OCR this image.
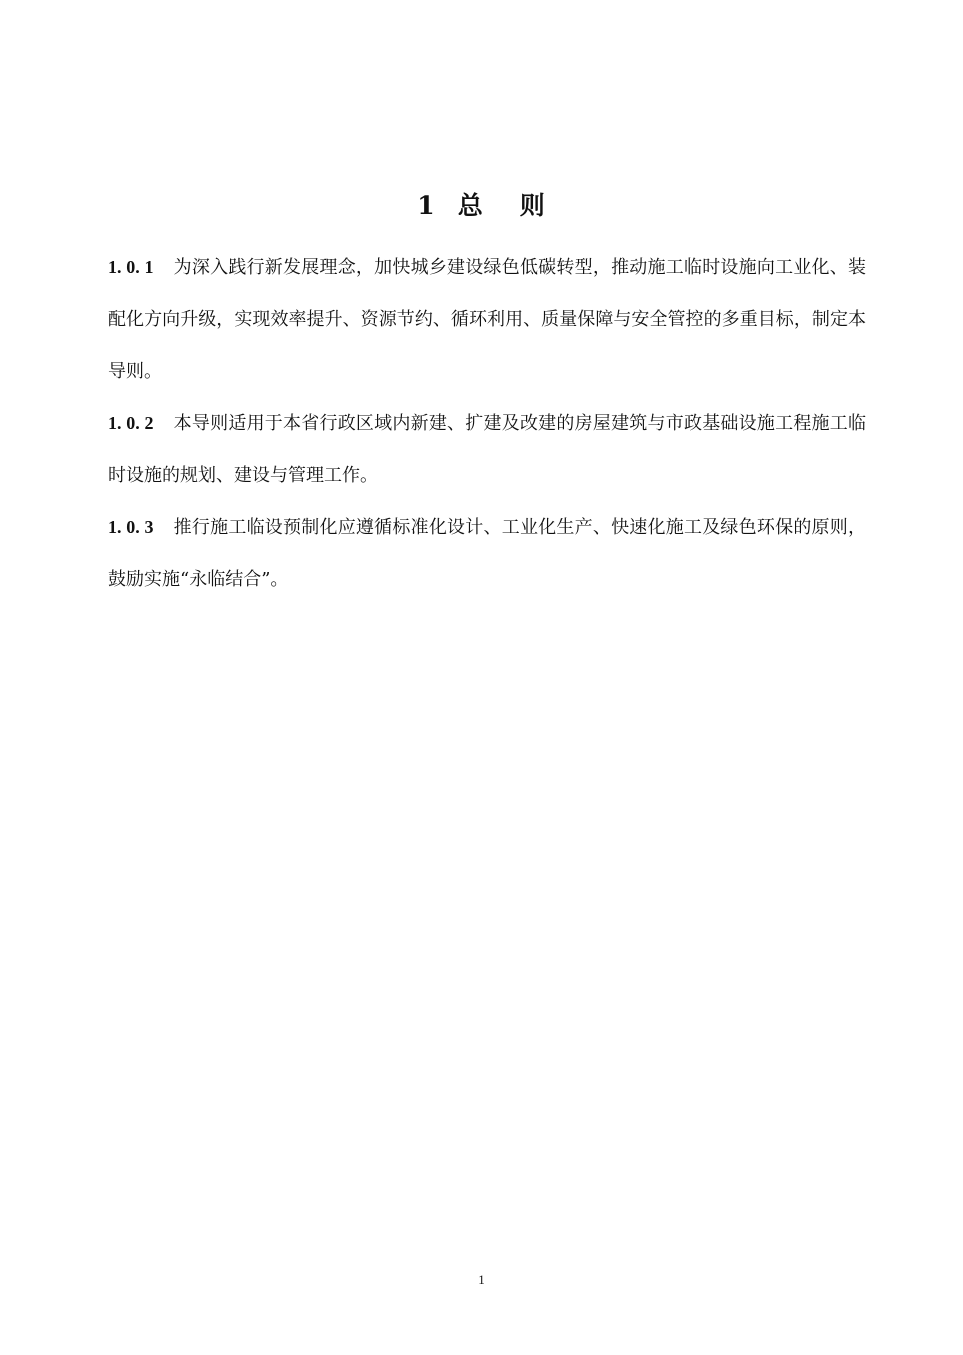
1 总 则
1. 0. 1 为深入践行新发展理念，加快城乡建设绿色低碳转型，推动施工临时设施向工业化、装配化方向升级，实现效率提升、资源节约、循环利用、质量保障与安全管控的多重目标，制定本导则。
1. 0. 2 本导则适用于本省行政区域内新建、扩建及改建的房屋建筑与市政基础设施工程施工临时设施的规划、建设与管理工作。
1. 0. 3 推行施工临设预制化应遵循标准化设计、工业化生产、快速化施工及绿色环保的原则，鼓励实施“永临结合”。
1
